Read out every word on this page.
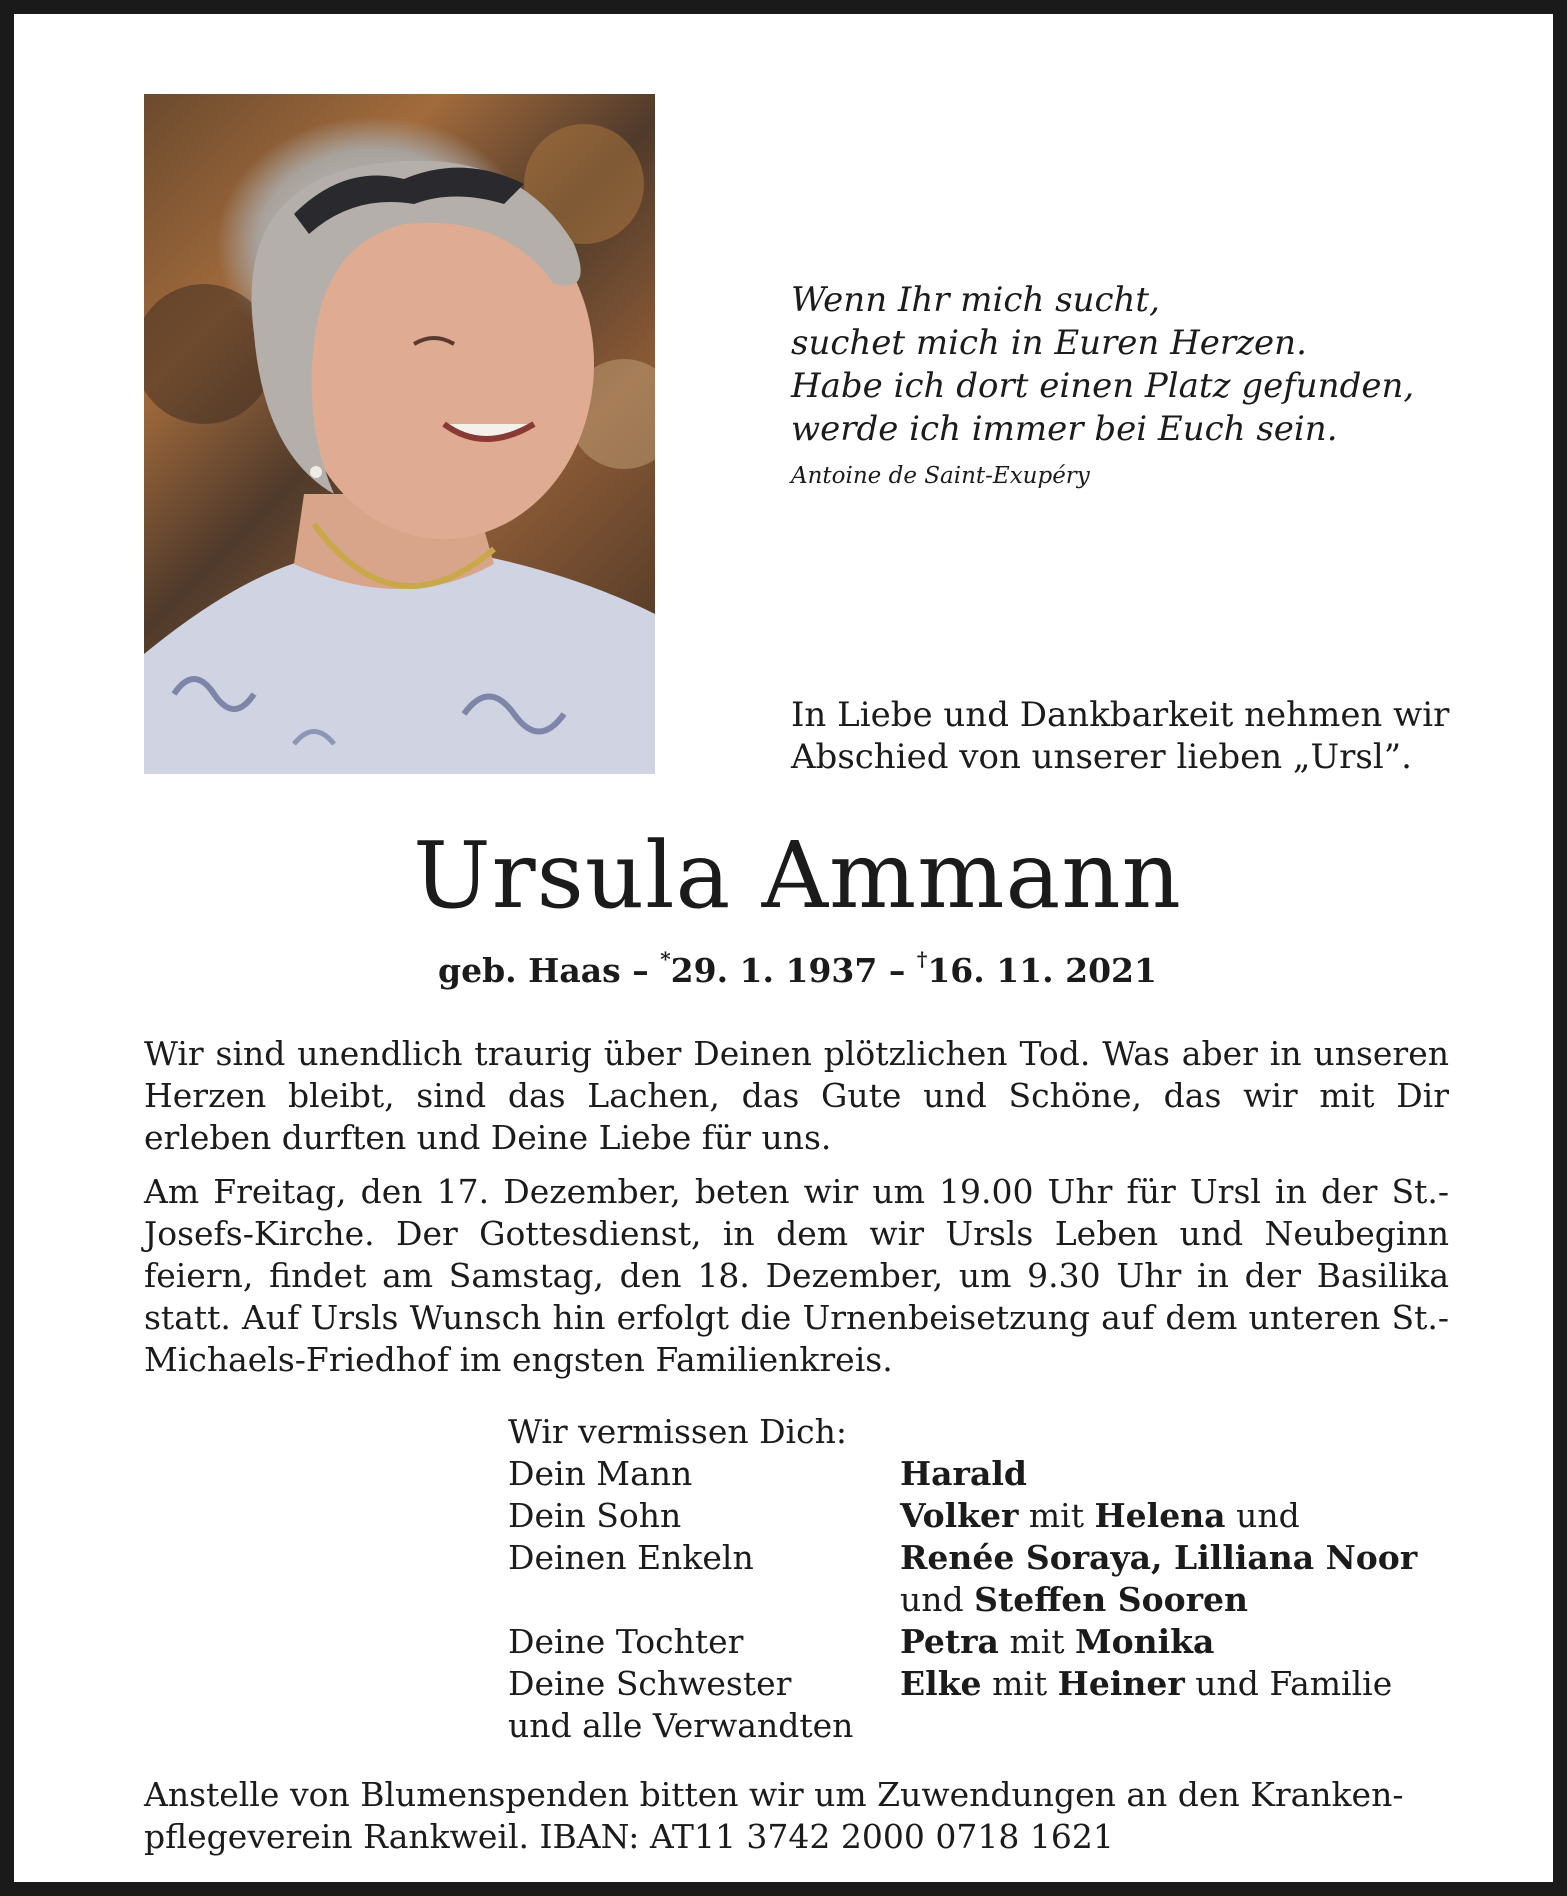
Wenn Ihr mich sucht,
suchet mich in Euren Herzen.
Habe ich dort einen Platz gefunden,
werde ich immer bei Euch sein.
Antoine de Saint-Exupéry
In Liebe und Dankbarkeit nehmen wir
Abschied von unserer lieben „Ursl”.
Ursula Ammann
geb. Haas – *29. 1. 1937 – †16. 11. 2021

Wir sind unendlich traurig über Deinen plötzlichen Tod. Was aber in unseren Herzen bleibt, sind das Lachen, das Gute und Schöne, das wir mit Dir erleben durften und Deine Liebe für uns.

Am Freitag, den 17. Dezember, beten wir um 19.00 Uhr für Ursl in der St.-Josefs-Kirche. Der Gottesdienst, in dem wir Ursls Leben und Neubeginn feiern, findet am Samstag, den 18. Dezember, um 9.30 Uhr in der Basilika statt. Auf Ursls Wunsch hin erfolgt die Urnenbeisetzung auf dem unteren St.-Michaels-Friedhof im engsten Familienkreis.

Wir vermissen Dich:
Dein Mann	Harald
Dein Sohn	Volker mit Helena und
Deinen Enkeln	Renée Soraya, Lilliana Noor
und Steffen Sooren
Deine Tochter	Petra mit Monika
Deine Schwester	Elke mit Heiner und Familie
und alle Verwandten
Anstelle von Blumenspenden bitten wir um Zuwendungen an den Kranken-
pflegeverein Rankweil. IBAN: AT11 3742 2000 0718 1621
